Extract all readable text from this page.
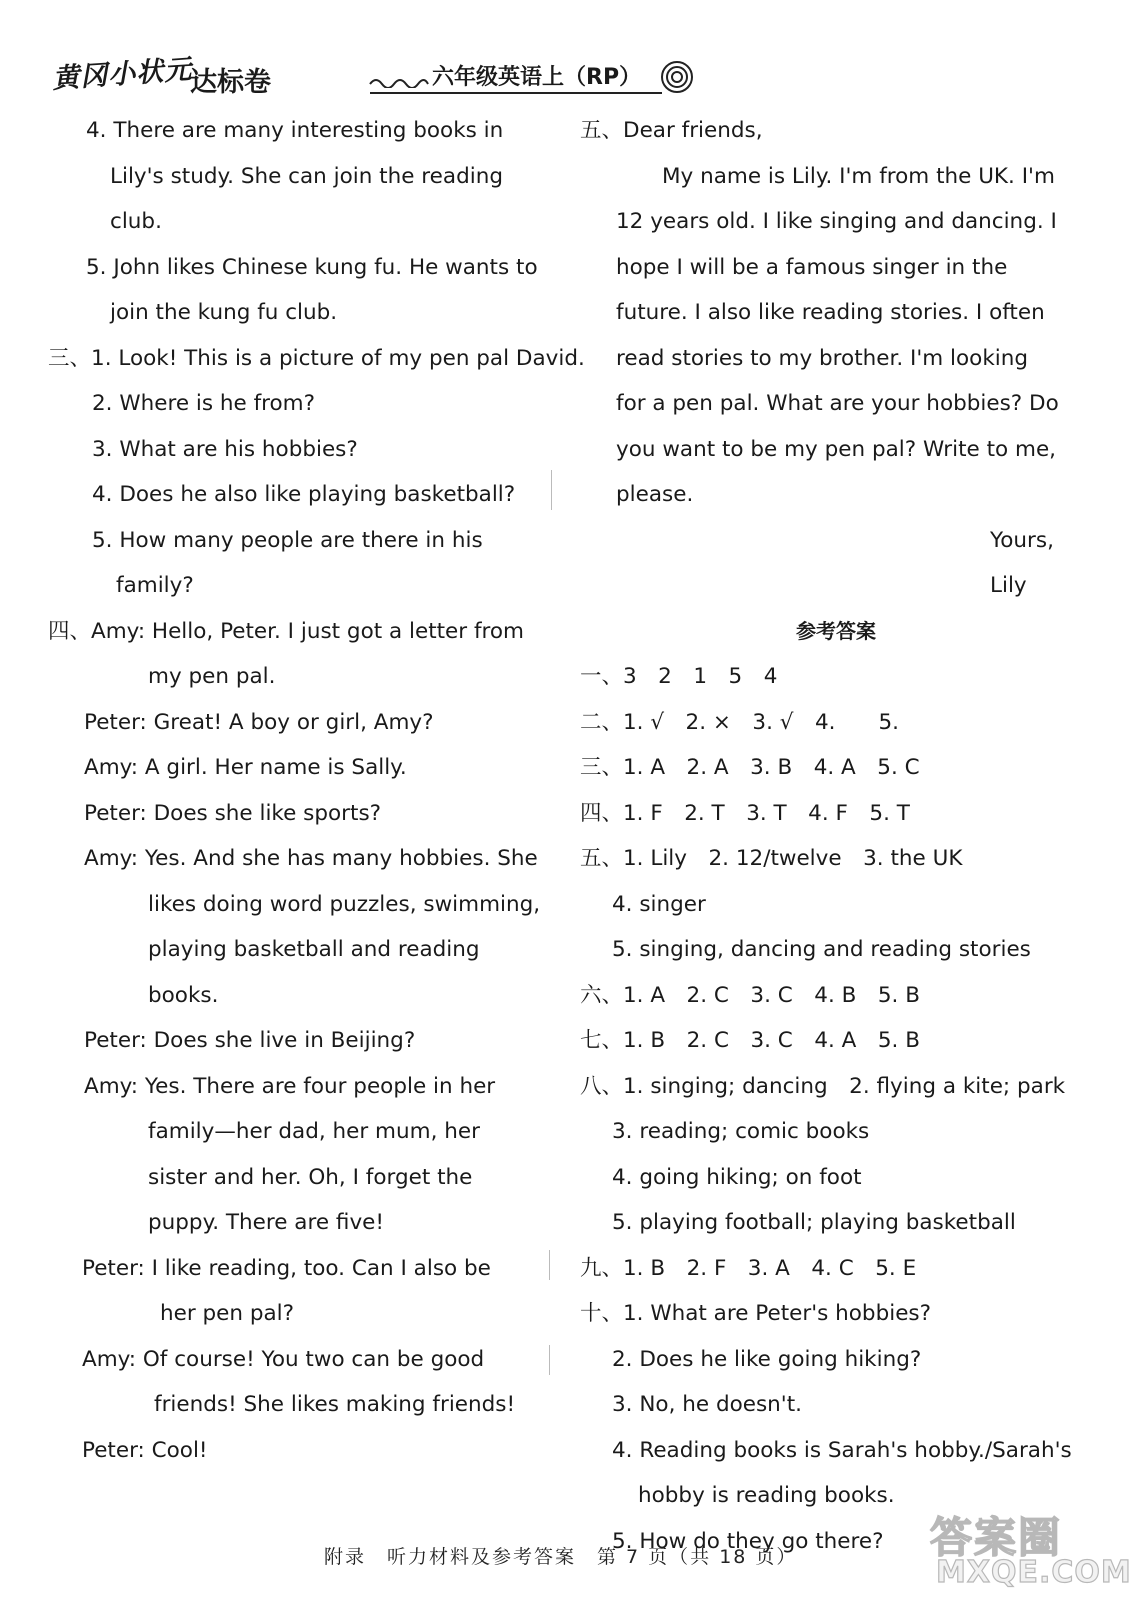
黄冈小状元
达标卷	六年级英语上（RP）
4. There are many interesting books in
Lily's study. She can join the reading
club.
5. John likes Chinese kung fu. He wants to
join the kung fu club.
三、1. Look! This is a picture of my pen pal David.
2. Where is he from?
3. What are his hobbies?
4. Does he also like playing basketball?
5. How many people are there in his
family?
四、Amy: Hello, Peter. I just got a letter from
my pen pal.
Peter: Great! A boy or girl, Amy?
Amy: A girl. Her name is Sally.
Peter: Does she like sports?
Amy: Yes. And she has many hobbies. She
likes doing word puzzles, swimming,
playing basketball and reading
books.
Peter: Does she live in Beijing?
Amy: Yes. There are four people in her
family—her dad, her mum, her
sister and her. Oh, I forget the
puppy. There are five!
Peter: I like reading, too. Can I also be
her pen pal?
Amy: Of course! You two can be good
friends! She likes making friends!
Peter: Cool!
五、Dear friends,
My name is Lily. I'm from the UK. I'm
12 years old. I like singing and dancing. I
hope I will be a famous singer in the
future. I also like reading stories. I often
read stories to my brother. I'm looking
for a pen pal. What are your hobbies? Do
you want to be my pen pal? Write to me,
please.
Yours,
Lily
参考答案
一、3　2　1　5　4
二、1. √　2. ×　3. √　4.　　5.
三、1. A　2. A　3. B　4. A　5. C
四、1. F　2. T　3. T　4. F　5. T
五、1. Lily　2. 12/twelve　3. the UK
4. singer
5. singing, dancing and reading stories
六、1. A　2. C　3. C　4. B　5. B
七、1. B　2. C　3. C　4. A　5. B
八、1. singing; dancing　2. flying a kite; park
3. reading; comic books
4. going hiking; on foot
5. playing football; playing basketball
九、1. B　2. F　3. A　4. C　5. E
十、1. What are Peter's hobbies?
2. Does he like going hiking?
3. No, he doesn't.
4. Reading books is Sarah's hobby./Sarah's
hobby is reading books.
5. How do they go there?
附录　听力材料及参考答案　第 7 页（共 18 页）	答案圈
MXQE.COM
